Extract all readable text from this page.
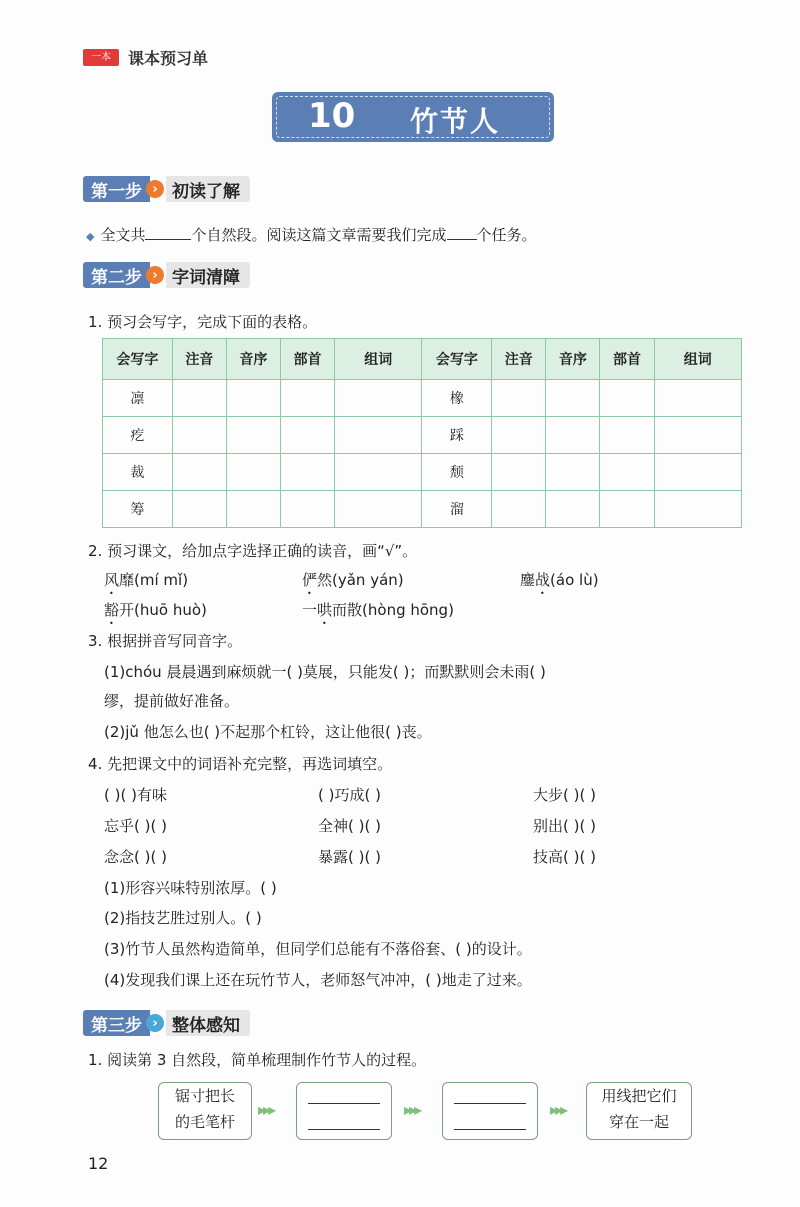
一本	课本预习单
10 竹节人
第一步 › 初读了解
◆ 全文共	个自然段。阅读这篇文章需要我们完成 个任务。
第二步 › 字词清障
1. 预习会写字，完成下面的表格。
会写字	注音	音序	部首	组词	会写字	注音	音序	部首	组词
凛					橡				
疙					踩				
裁					颓				
筹					溜				
2. 预习课文，给加点字选择正确的读音，画“√”。
风靡(mí mǐ)	俨然(yǎn yán)	鏖战(áo lù)
豁开(huō huò)	一哄而散(hòng hōng)
3. 根据拼音写同音字。
(1)chóu 晨晨遇到麻烦就一( )莫展，只能发( )；而默默则会未雨( )
缪，提前做好准备。
(2)jǔ 他怎么也( )不起那个杠铃，这让他很( )丧。
4. 先把课文中的词语补充完整，再选词填空。
( )( )有味	( )巧成( )	大步( )( )
忘乎( )( )	全神( )( )	别出( )( )
念念( )( )	暴露( )( )	技高( )( )
(1)形容兴味特别浓厚。( )
(2)指技艺胜过别人。( )
(3)竹节人虽然构造简单，但同学们总能有不落俗套、( )的设计。
(4)发现我们课上还在玩竹节人，老师怒气冲冲，( )地走了过来。
第三步 › 整体感知
1. 阅读第 3 自然段，简单梳理制作竹节人的过程。
锯寸把长
的毛笔杆
▸▸▸	▸▸▸	▸▸▸
用线把它们
穿在一起
12
